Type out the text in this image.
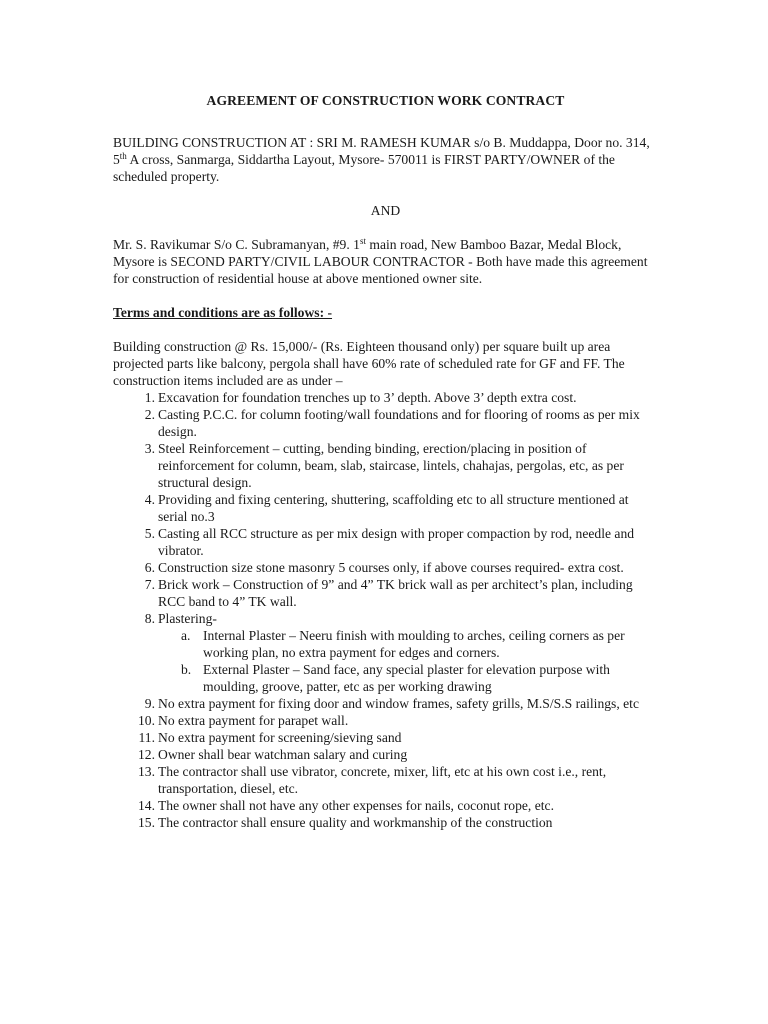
AGREEMENT OF CONSTRUCTION WORK CONTRACT

BUILDING CONSTRUCTION AT : SRI M. RAMESH KUMAR s/o B. Muddappa, Door no. 314, 5th A cross, Sanmarga, Siddartha Layout, Mysore- 570011 is FIRST PARTY/OWNER of the scheduled property.

AND

Mr. S. Ravikumar S/o C. Subramanyan, #9. 1st main road, New Bamboo Bazar, Medal Block, Mysore is SECOND PARTY/CIVIL LABOUR CONTRACTOR - Both have made this agreement for construction of residential house at above mentioned owner site.

Terms and conditions are as follows: -

Building construction @ Rs. 15,000/- (Rs. Eighteen thousand only) per square built up area projected parts like balcony, pergola shall have 60% rate of scheduled rate for GF and FF. The construction items included are as under –

1. Excavation for foundation trenches up to 3’ depth. Above 3’ depth extra cost.
2. Casting P.C.C. for column footing/wall foundations and for flooring of rooms as per mix design.
3. Steel Reinforcement – cutting, bending binding, erection/placing in position of reinforcement for column, beam, slab, staircase, lintels, chahajas, pergolas, etc, as per structural design.
4. Providing and fixing centering, shuttering, scaffolding etc to all structure mentioned at serial no.3
5. Casting all RCC structure as per mix design with proper compaction by rod, needle and vibrator.
6. Construction size stone masonry 5 courses only, if above courses required- extra cost.
7. Brick work – Construction of 9” and 4” TK brick wall as per architect’s plan, including RCC band to 4” TK wall.
8. Plastering-
a. Internal Plaster – Neeru finish with moulding to arches, ceiling corners as per working plan, no extra payment for edges and corners.
b. External Plaster – Sand face, any special plaster for elevation purpose with moulding, groove, patter, etc as per working drawing
9. No extra payment for fixing door and window frames, safety grills, M.S/S.S railings, etc
10. No extra payment for parapet wall.
11. No extra payment for screening/sieving sand
12. Owner shall bear watchman salary and curing
13. The contractor shall use vibrator, concrete, mixer, lift, etc at his own cost i.e., rent, transportation, diesel, etc.
14. The owner shall not have any other expenses for nails, coconut rope, etc.
15. The contractor shall ensure quality and workmanship of the construction
